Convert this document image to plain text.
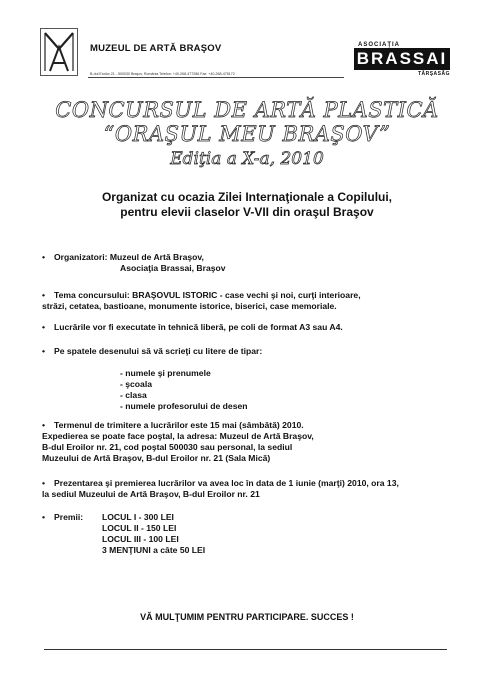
MUZEUL DE ARTĂ BRAŞOV
B-dul Eroilor 21 - 500030 Braşov, România Telefon: +40-268-477286 Fax: +40-268-475172
ASOCIAŢIA
BRASSAI
TÂRŞASĂG
CONCURSUL DE ARTĂ PLASTICĂ
“ORAŞUL MEU BRAŞOV”
Ediţia a X-a, 2010
Organizat cu ocazia Zilei Internaţionale a Copilului,
pentru elevii claselor V-VII din oraşul Braşov
• Organizatori: Muzeul de Artă Braşov,
Asociaţia Brassai, Braşov
• Tema concursului: BRAŞOVUL ISTORIC - case vechi şi noi, curţi interioare,
străzi, cetatea, bastioane, monumente istorice, biserici, case memoriale.
• Lucrările vor fi executate în tehnică liberă, pe coli de format A3 sau A4.
• Pe spatele desenului să vă scrieţi cu litere de tipar:
- numele şi prenumele
- şcoala
- clasa
- numele profesorului de desen
• Termenul de trimitere a lucrărilor este 15 mai (sâmbătă) 2010.
Expedierea se poate face poştal, la adresa: Muzeul de Artă Braşov,
B-dul Eroilor nr. 21, cod poştal 500030 sau personal, la sediul
Muzeului de Artă Braşov, B-dul Eroilor nr. 21 (Sala Mică)
• Prezentarea şi premierea lucrărilor va avea loc în data de 1 iunie (marţi) 2010, ora 13,
la sediul Muzeului de Artă Braşov, B-dul Eroilor nr. 21
• Premii: LOCUL I - 300 LEI
LOCUL II - 150 LEI
LOCUL III - 100 LEI
3 MENŢIUNI a câte 50 LEI
VĂ MULŢUMIM PENTRU PARTICIPARE. SUCCES !
